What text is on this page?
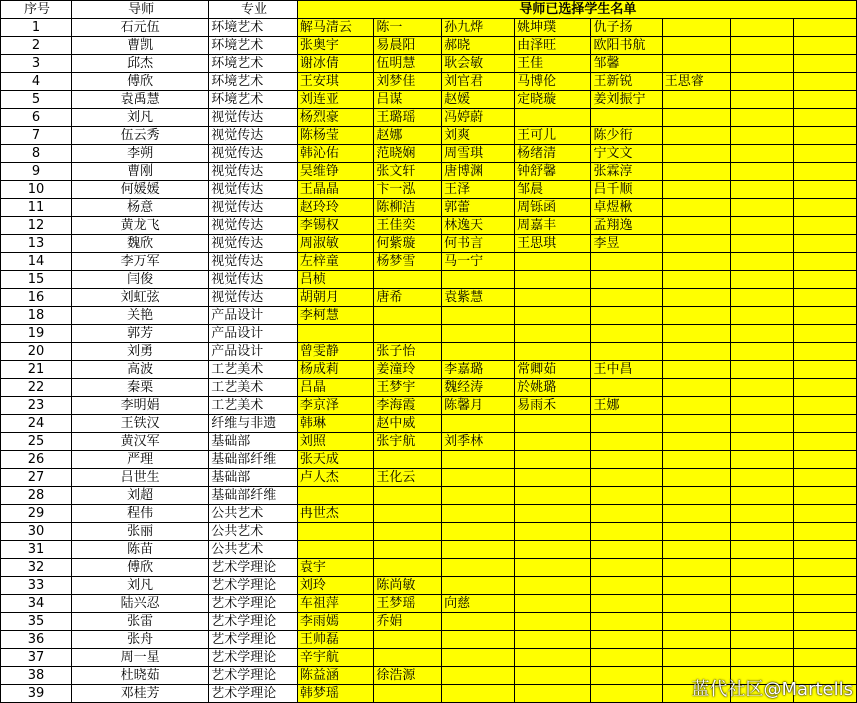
序号	导师	专业	导师已选择学生名单							
1	石元伍	环境艺术	解马清云	陈一	孙九烨	姚坤璞	仇子扬			
2	曹凯	环境艺术	张奥宇	易晨阳	郝晓	由泽旺	欧阳书航			
3	邱杰	环境艺术	谢冰倩	伍明慧	耿会敏	王佳	邹馨			
4	傅欣	环境艺术	王安琪	刘梦佳	刘官君	马博伦	王新锐	王思睿		
5	袁禹慧	环境艺术	刘连亚	吕谋	赵媛	定晓璇	姜刘振宁			
6	刘凡	视觉传达	杨烈豪	王璐瑶	冯婷蔚					
7	伍云秀	视觉传达	陈杨莹	赵娜	刘爽	王可儿	陈少衎			
8	李朔	视觉传达	韩沁佑	范晓娴	周雪琪	杨绪清	宁文文			
9	曹刚	视觉传达	吴维铮	张文轩	唐博渊	钟舒馨	张霖淳			
10	何媛媛	视觉传达	王晶晶	卞一泓	王泽	邹晨	吕千顺			
11	杨意	视觉传达	赵玲玲	陈柳洁	郭蕾	周铄函	卓煜楸			
12	黄龙飞	视觉传达	李锡权	王佳奕	林逸天	周嘉丰	孟翔逸			
13	魏欣	视觉传达	周淑敏	何紫璇	何书言	王思琪	李昱			
14	李万军	视觉传达	左梓童	杨梦雪	马一宁					
15	闫俊	视觉传达	吕桢							
16	刘虹弦	视觉传达	胡朝月	唐希	袁紫慧					
18	关艳	产品设计	李柯慧							
19	郭芳	产品设计								
20	刘勇	产品设计	曾雯静	张子怡						
21	高波	工艺美术	杨成莉	姜潼玲	李嘉璐	常卿茹	王中昌			
22	秦栗	工艺美术	吕晶	王梦宇	魏经涛	於姚璐				
23	李明娟	工艺美术	李京泽	李海霞	陈馨月	易雨禾	王娜			
24	王铁汉	纤维与非遗	韩琳	赵中威						
25	黄汉军	基础部	刘照	张宇航	刘季林					
26	严理	基础部纤维	张天成							
27	吕世生	基础部	卢人杰	王化云						
28	刘超	基础部纤维								
29	程伟	公共艺术	冉世杰							
30	张丽	公共艺术								
31	陈苗	公共艺术								
32	傅欣	艺术学理论	袁宇							
33	刘凡	艺术学理论	刘玲	陈尚敏						
34	陆兴忍	艺术学理论	车祖萍	王梦瑶	向慈					
35	张雷	艺术学理论	李雨嫣	乔娟						
36	张舟	艺术学理论	王帅磊							
37	周一星	艺术学理论	辛宇航							
38	杜晓茹	艺术学理论	陈益涵	徐浩源						
39	邓桂芳	艺术学理论	韩梦瑶								蓝代社区@Martells
